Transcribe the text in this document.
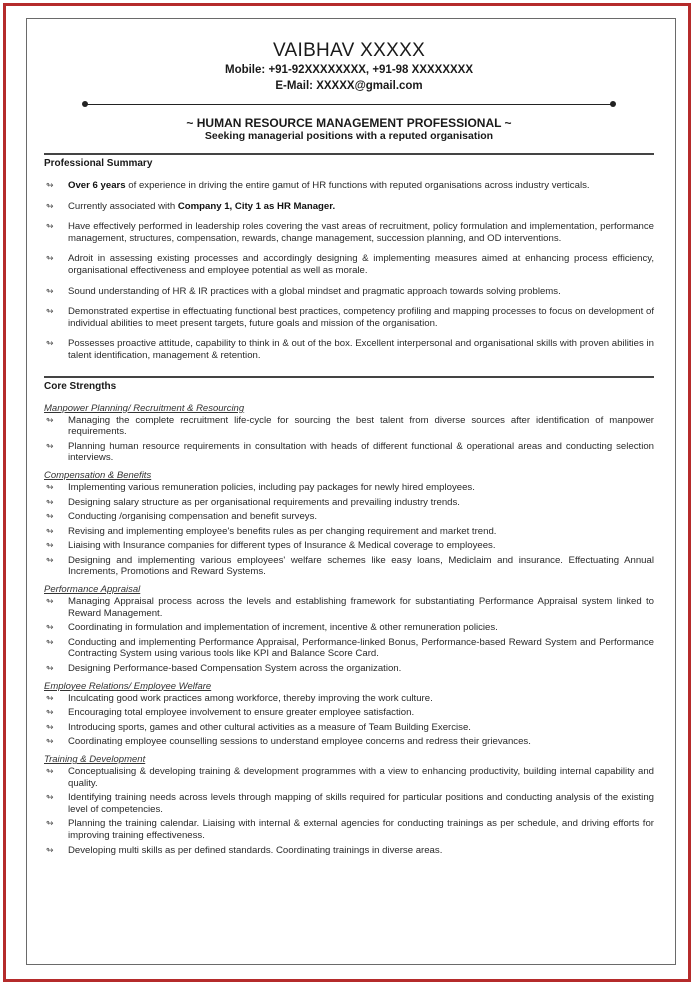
VAIBHAV XXXXX
Mobile: +91-92XXXXXXXX, +91-98 XXXXXXXX
E-Mail: XXXXX@gmail.com
~ HUMAN RESOURCE MANAGEMENT PROFESSIONAL ~
Seeking managerial positions with a reputed organisation
Professional Summary
↬ Over 6 years of experience in driving the entire gamut of HR functions with reputed organisations across industry verticals.
↬ Currently associated with Company 1, City 1 as HR Manager.
↬ Have effectively performed in leadership roles covering the vast areas of recruitment, policy formulation and implementation, performance management, structures, compensation, rewards, change management, succession planning, and OD interventions.
↬ Adroit in assessing existing processes and accordingly designing & implementing measures aimed at enhancing process efficiency, organisational effectiveness and employee potential as well as morale.
↬ Sound understanding of HR & IR practices with a global mindset and pragmatic approach towards solving problems.
↬ Demonstrated expertise in effectuating functional best practices, competency profiling and mapping processes to focus on development of individual abilities to meet present targets, future goals and mission of the organisation.
↬ Possesses proactive attitude, capability to think in & out of the box. Excellent interpersonal and organisational skills with proven abilities in talent identification, management & retention.
Core Strengths
Manpower Planning/ Recruitment & Resourcing
↬ Managing the complete recruitment life-cycle for sourcing the best talent from diverse sources after identification of manpower requirements.
↬ Planning human resource requirements in consultation with heads of different functional & operational areas and conducting selection interviews.
Compensation & Benefits
↬ Implementing various remuneration policies, including pay packages for newly hired employees.
↬ Designing salary structure as per organisational requirements and prevailing industry trends.
↬ Conducting /organising compensation and benefit surveys.
↬ Revising and implementing employee's benefits rules as per changing requirement and market trend.
↬ Liaising with Insurance companies for different types of Insurance & Medical coverage to employees.
↬ Designing and implementing various employees' welfare schemes like easy loans, Mediclaim and insurance. Effectuating Annual Increments, Promotions and Reward Systems.
Performance Appraisal
↬ Managing Appraisal process across the levels and establishing framework for substantiating Performance Appraisal system linked to Reward Management.
↬ Coordinating in formulation and implementation of increment, incentive & other remuneration policies.
↬ Conducting and implementing Performance Appraisal, Performance-linked Bonus, Performance-based Reward System and Performance Contracting System using various tools like KPI and Balance Score Card.
↬ Designing Performance-based Compensation System across the organization.
Employee Relations/ Employee Welfare
↬ Inculcating good work practices among workforce, thereby improving the work culture.
↬ Encouraging total employee involvement to ensure greater employee satisfaction.
↬ Introducing sports, games and other cultural activities as a measure of Team Building Exercise.
↬ Coordinating employee counselling sessions to understand employee concerns and redress their grievances.
Training & Development
↬ Conceptualising & developing training & development programmes with a view to enhancing productivity, building internal capability and quality.
↬ Identifying training needs across levels through mapping of skills required for particular positions and conducting analysis of the existing level of competencies.
↬ Planning the training calendar. Liaising with internal & external agencies for conducting trainings as per schedule, and driving efforts for improving training effectiveness.
↬ Developing multi skills as per defined standards. Coordinating trainings in diverse areas.
